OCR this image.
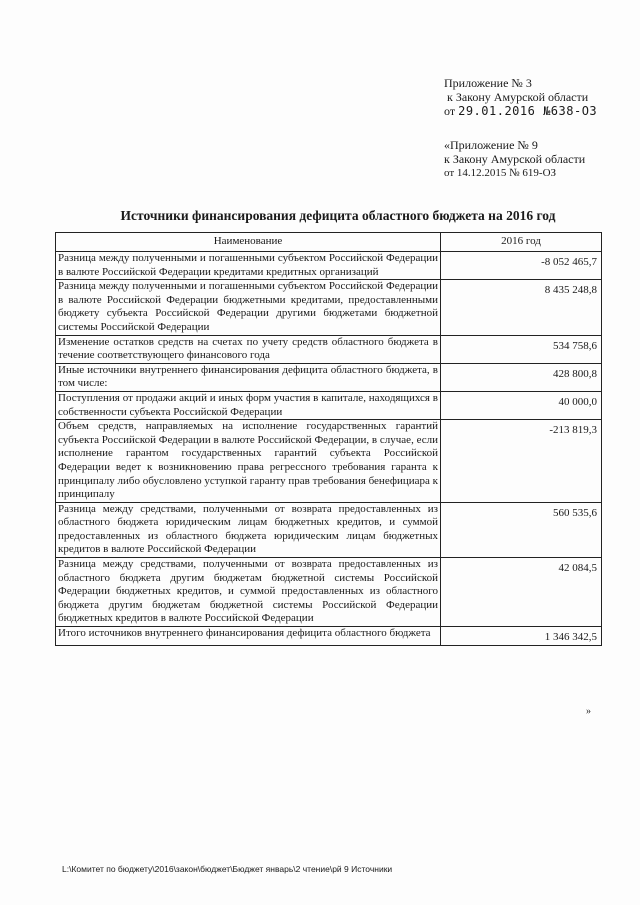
Приложение № 3
к Закону Амурской области
от 29.01.2016 №638-ОЗ
«Приложение № 9
к Закону Амурской области
от 14.12.2015 № 619-ОЗ
Источники финансирования дефицита областного бюджета на 2016 год
Наименование	2016 год
Разница между полученными и погашенными субъектом Российской Федерации в валюте Российской Федерации кредитами кредитных организаций	-8 052 465,7
Разница между полученными и погашенными субъектом Российской Федерации в валюте Российской Федерации бюджетными кредитами, предоставленными бюджету субъекта Российской Федерации другими бюджетами бюджетной системы Российской Федерации	8 435 248,8
Изменение остатков средств на счетах по учету средств областного бюджета в течение соответствующего финансового года	534 758,6
Иные источники внутреннего финансирования дефицита областного бюджета, в том числе:	428 800,8
Поступления от продажи акций и иных форм участия в капитале, находящихся в собственности субъекта Российской Федерации	40 000,0
Объем средств, направляемых на исполнение государственных гарантий субъекта Российской Федерации в валюте Российской Федерации, в случае, если исполнение гарантом государственных гарантий субъекта Российской Федерации ведет к возникновению права регрессного требования гаранта к принципалу либо обусловлено уступкой гаранту прав требования бенефициара к принципалу	-213 819,3
Разница между средствами, полученными от возврата предоставленных из областного бюджета юридическим лицам бюджетных кредитов, и суммой предоставленных из областного бюджета юридическим лицам бюджетных кредитов в валюте Российской Федерации	560 535,6
Разница между средствами, полученными от возврата предоставленных из областного бюджета другим бюджетам бюджетной системы Российской Федерации бюджетных кредитов, и суммой предоставленных из областного бюджета другим бюджетам бюджетной системы Российской Федерации бюджетных кредитов в валюте Российской Федерации	42 084,5
Итого источников внутреннего финансирования дефицита областного бюджета	1 346 342,5
»
L:\Комитет по бюджету\2016\закон\бюджет\Бюджет январь\2 чтение\рй 9 Источники
